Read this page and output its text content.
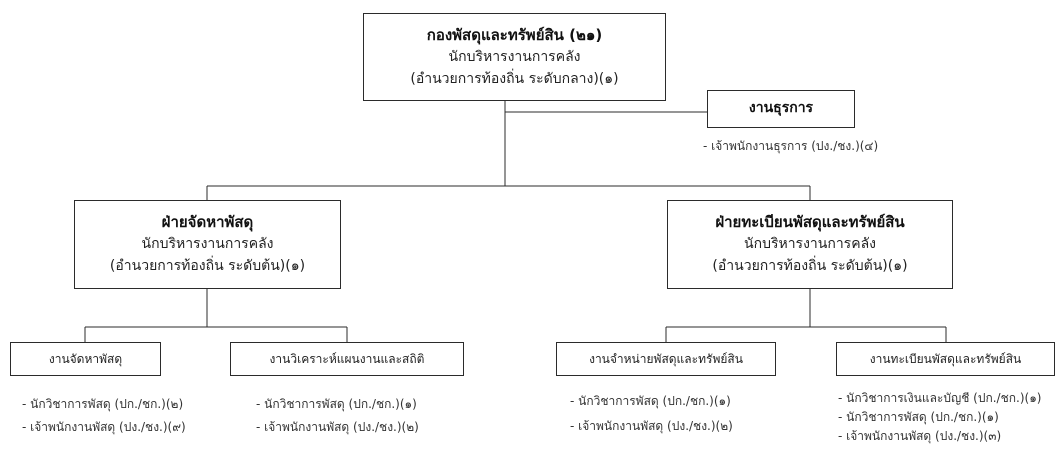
กองพัสดุและทรัพย์สิน (๒๑)
นักบริหารงานการคลัง
(อำนวยการท้องถิ่น ระดับกลาง)(๑)
งานธุรการ
- เจ้าพนักงานธุรการ (ปง./ชง.)(๔)
ฝ่ายจัดหาพัสดุ
นักบริหารงานการคลัง
(อำนวยการท้องถิ่น ระดับต้น)(๑)
ฝ่ายทะเบียนพัสดุและทรัพย์สิน
นักบริหารงานการคลัง
(อำนวยการท้องถิ่น ระดับต้น)(๑)
งานจัดหาพัสดุ	งานวิเคราะห์แผนงานและสถิติ	งานจำหน่ายพัสดุและทรัพย์สิน	งานทะเบียนพัสดุและทรัพย์สิน
- นักวิชาการพัสดุ (ปก./ชก.)(๒)
- เจ้าพนักงานพัสดุ (ปง./ชง.)(๙)
- นักวิชาการพัสดุ (ปก./ชก.)(๑)
- เจ้าพนักงานพัสดุ (ปง./ชง.)(๒)
- นักวิชาการพัสดุ (ปก./ชก.)(๑)
- เจ้าพนักงานพัสดุ (ปง./ชง.)(๒)
- นักวิชาการเงินและบัญชี (ปก./ชก.)(๑)
- นักวิชาการพัสดุ (ปก./ชก.)(๑)
- เจ้าพนักงานพัสดุ (ปง./ชง.)(๓)
